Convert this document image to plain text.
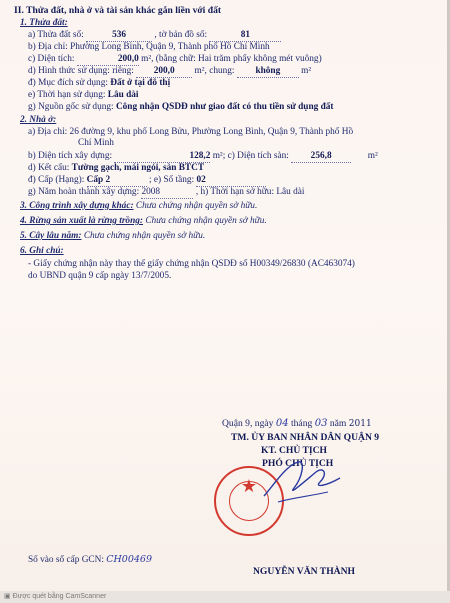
II. Thửa đất, nhà ở và tài sản khác gắn liền với đất
1. Thửa đất:
a) Thửa đất số:	536	, tờ bản đồ số:	81
b) Địa chỉ: Phường Long Bình, Quận 9, Thành phố Hồ Chí Minh
c) Diện tích:	200,0 m², (bằng chữ: Hai trăm phẩy không mét vuông)
d) Hình thức sử dụng: riêng: 200,0 m², chung: không m²
đ) Mục đích sử dụng: Đất ở tại đô thị
e) Thời hạn sử dụng: Lâu dài
g) Nguồn gốc sử dụng: Công nhận QSDĐ như giao đất có thu tiền sử dụng đất
2. Nhà ở:
a) Địa chỉ: 26 đường 9, khu phố Long Bửu, Phường Long Bình, Quận 9, Thành phố Hồ
Chí Minh
b) Diện tích xây dựng:	128,2 m²; c) Diện tích sàn: 256,8	m²
d) Kết cấu: Tường gạch, mái ngói, sàn BTCT
đ) Cấp (Hạng): Cấp 2	; e) Số tầng: 02
g) Năm hoàn thành xây dựng: 2008	, h) Thời hạn sở hữu: Lâu dài
3. Công trình xây dựng khác: Chưa chứng nhận quyền sở hữu.
4. Rừng sản xuất là rừng trồng: Chưa chứng nhận quyền sở hữu.
5. Cây lâu năm: Chưa chứng nhận quyền sở hữu.
6. Ghi chú:
- Giấy chứng nhận này thay thế giấy chứng nhận QSDĐ số H00349/26830 (AC463074)
do UBND quận 9 cấp ngày 13/7/2005.
Quận 9, ngày 04 tháng 03 năm 2011
TM. ỦY BAN NHÂN DÂN QUẬN 9
KT. CHỦ TỊCH
PHÓ CHỦ TỊCH
★
NGUYỄN VĂN THÀNH
Số vào sổ cấp GCN: CH00469
▣ Được quét bằng CamScanner
